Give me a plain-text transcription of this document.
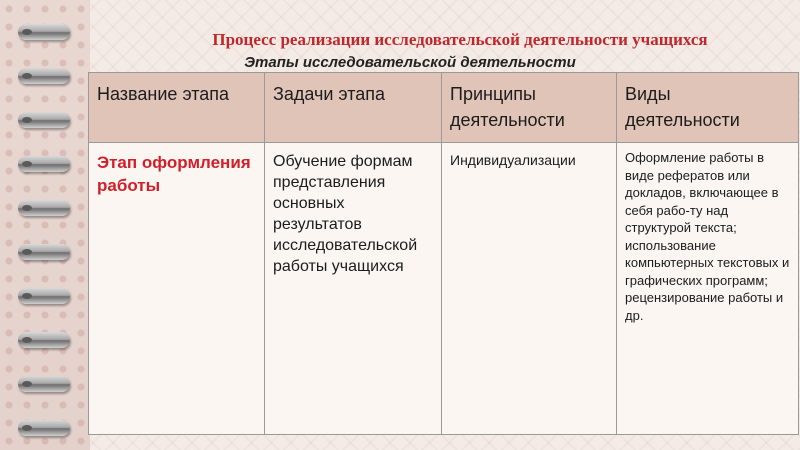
Процесс реализации исследовательской деятельности учащихся
Этапы исследовательской деятельности
Название этапа	Задачи этапа	Принципы деятельности	Виды деятельности
Этап оформления работы	Обучение формам представления основных результатов исследовательской работы учащихся	Индивидуализации	Оформление работы в виде рефератов или докладов, включающее в себя рабо-ту над структурой текста; использование компьютерных текстовых и графических программ; рецензирование работы и др.
